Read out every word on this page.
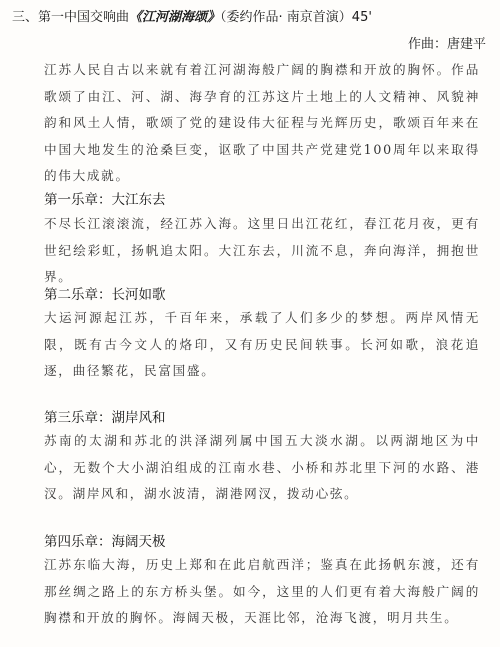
三、第一中国交响曲《江河湖海颂》（委约作品· 南京首演）45'
作曲：唐建平
江苏人民自古以来就有着江河湖海般广阔的胸襟和开放的胸怀。作品歌颂了由江、河、湖、海孕育的江苏这片土地上的人文精神、风貌神韵和风土人情，歌颂了党的建设伟大征程与光辉历史，歌颂百年来在中国大地发生的沧桑巨变，讴歌了中国共产党建党100周年以来取得的伟大成就。
第一乐章：大江东去
不尽长江滚滚流，经江苏入海。这里日出江花红，春江花月夜，更有世纪绘彩虹，扬帆追太阳。大江东去，川流不息，奔向海洋，拥抱世界。
第二乐章：长河如歌
大运河源起江苏，千百年来，承载了人们多少的梦想。两岸风情无限，既有古今文人的烙印，又有历史民间轶事。长河如歌，浪花追逐，曲径繁花，民富国盛。
第三乐章：湖岸风和
苏南的太湖和苏北的洪泽湖列属中国五大淡水湖。以两湖地区为中心，无数个大小湖泊组成的江南水巷、小桥和苏北里下河的水路、港汊。湖岸风和，湖水波清，湖港网汊，拨动心弦。
第四乐章：海阔天极
江苏东临大海，历史上郑和在此启航西洋；鉴真在此扬帆东渡，还有那丝绸之路上的东方桥头堡。如今，这里的人们更有着大海般广阔的胸襟和开放的胸怀。海阔天极，天涯比邻，沧海飞渡，明月共生。
